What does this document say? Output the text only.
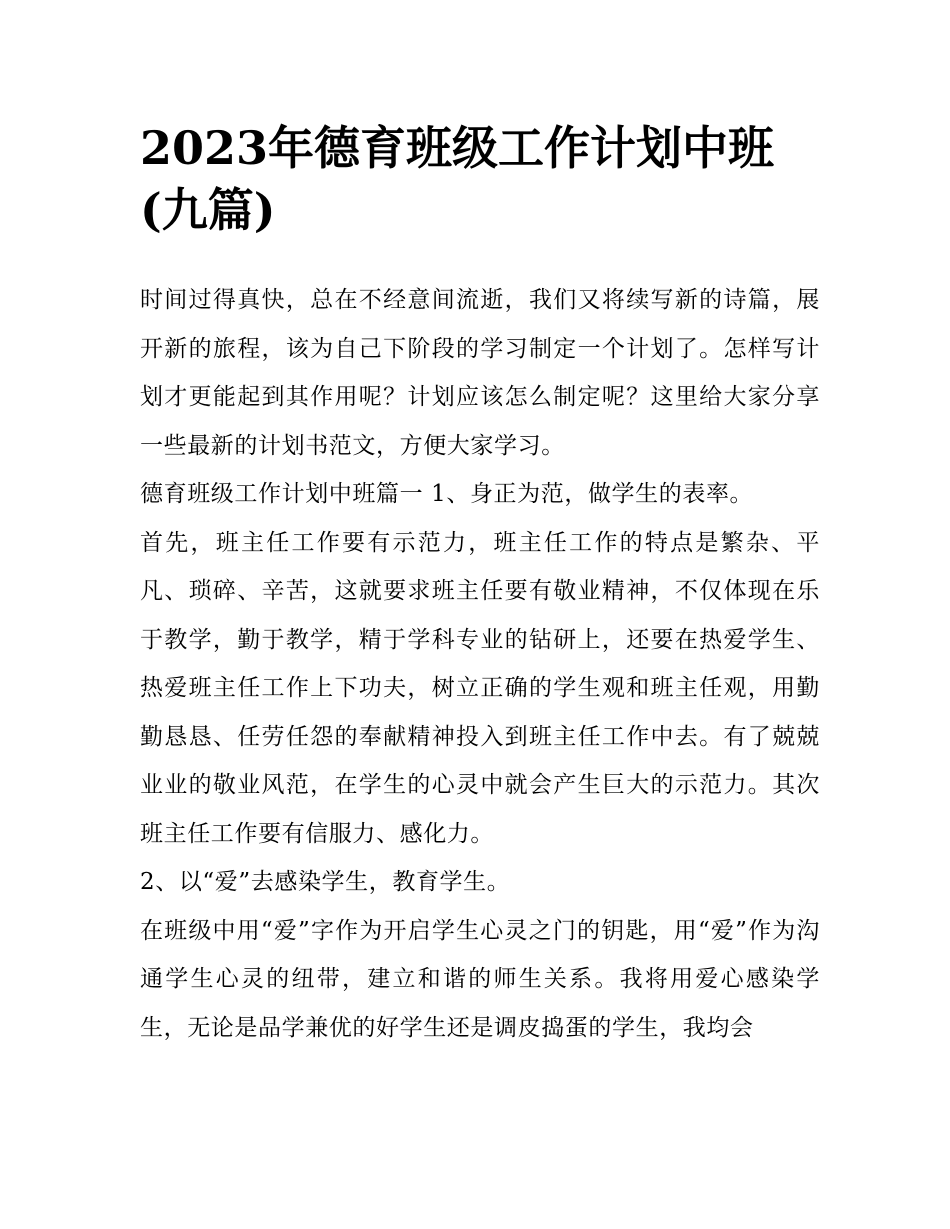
2023年德育班级工作计划中班(九篇)

时间过得真快，总在不经意间流逝，我们又将续写新的诗篇，展开新的旅程，该为自己下阶段的学习制定一个计划了。怎样写计划才更能起到其作用呢？计划应该怎么制定呢？这里给大家分享一些最新的计划书范文，方便大家学习。

德育班级工作计划中班篇一 1、身正为范，做学生的表率。

首先，班主任工作要有示范力，班主任工作的特点是繁杂、平凡、琐碎、辛苦，这就要求班主任要有敬业精神，不仅体现在乐于教学，勤于教学，精于学科专业的钻研上，还要在热爱学生、热爱班主任工作上下功夫，树立正确的学生观和班主任观，用勤勤恳恳、任劳任怨的奉献精神投入到班主任工作中去。有了兢兢业业的敬业风范，在学生的心灵中就会产生巨大的示范力。其次班主任工作要有信服力、感化力。

2、以“爱”去感染学生，教育学生。

在班级中用“爱”字作为开启学生心灵之门的钥匙，用“爱”作为沟通学生心灵的纽带，建立和谐的师生关系。我将用爱心感染学生，无论是品学兼优的好学生还是调皮捣蛋的学生，我均会
